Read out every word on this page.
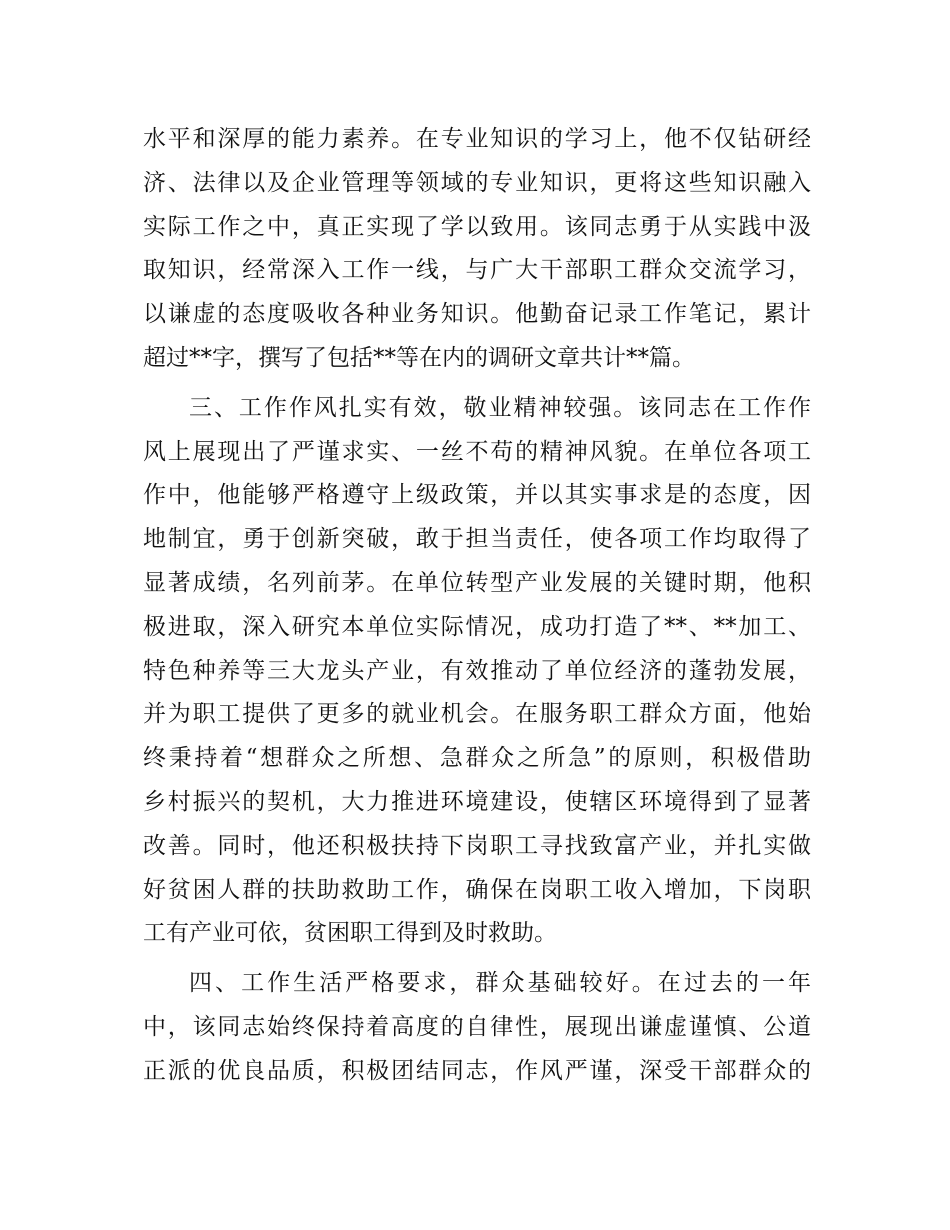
水平和深厚的能力素养。在专业知识的学习上，他不仅钻研经
济、法律以及企业管理等领域的专业知识，更将这些知识融入
实际工作之中，真正实现了学以致用。该同志勇于从实践中汲
取知识，经常深入工作一线，与广大干部职工群众交流学习，
以谦虚的态度吸收各种业务知识。他勤奋记录工作笔记，累计
超过**字，撰写了包括**等在内的调研文章共计**篇。

三、工作作风扎实有效，敬业精神较强。该同志在工作作
风上展现出了严谨求实、一丝不苟的精神风貌。在单位各项工
作中，他能够严格遵守上级政策，并以其实事求是的态度，因
地制宜，勇于创新突破，敢于担当责任，使各项工作均取得了
显著成绩，名列前茅。在单位转型产业发展的关键时期，他积
极进取，深入研究本单位实际情况，成功打造了**、**加工、
特色种养等三大龙头产业，有效推动了单位经济的蓬勃发展，
并为职工提供了更多的就业机会。在服务职工群众方面，他始
终秉持着“想群众之所想、急群众之所急”的原则，积极借助
乡村振兴的契机，大力推进环境建设，使辖区环境得到了显著
改善。同时，他还积极扶持下岗职工寻找致富产业，并扎实做
好贫困人群的扶助救助工作，确保在岗职工收入增加，下岗职
工有产业可依，贫困职工得到及时救助。

四、工作生活严格要求，群众基础较好。在过去的一年
中，该同志始终保持着高度的自律性，展现出谦虚谨慎、公道
正派的优良品质，积极团结同志，作风严谨，深受干部群众的
